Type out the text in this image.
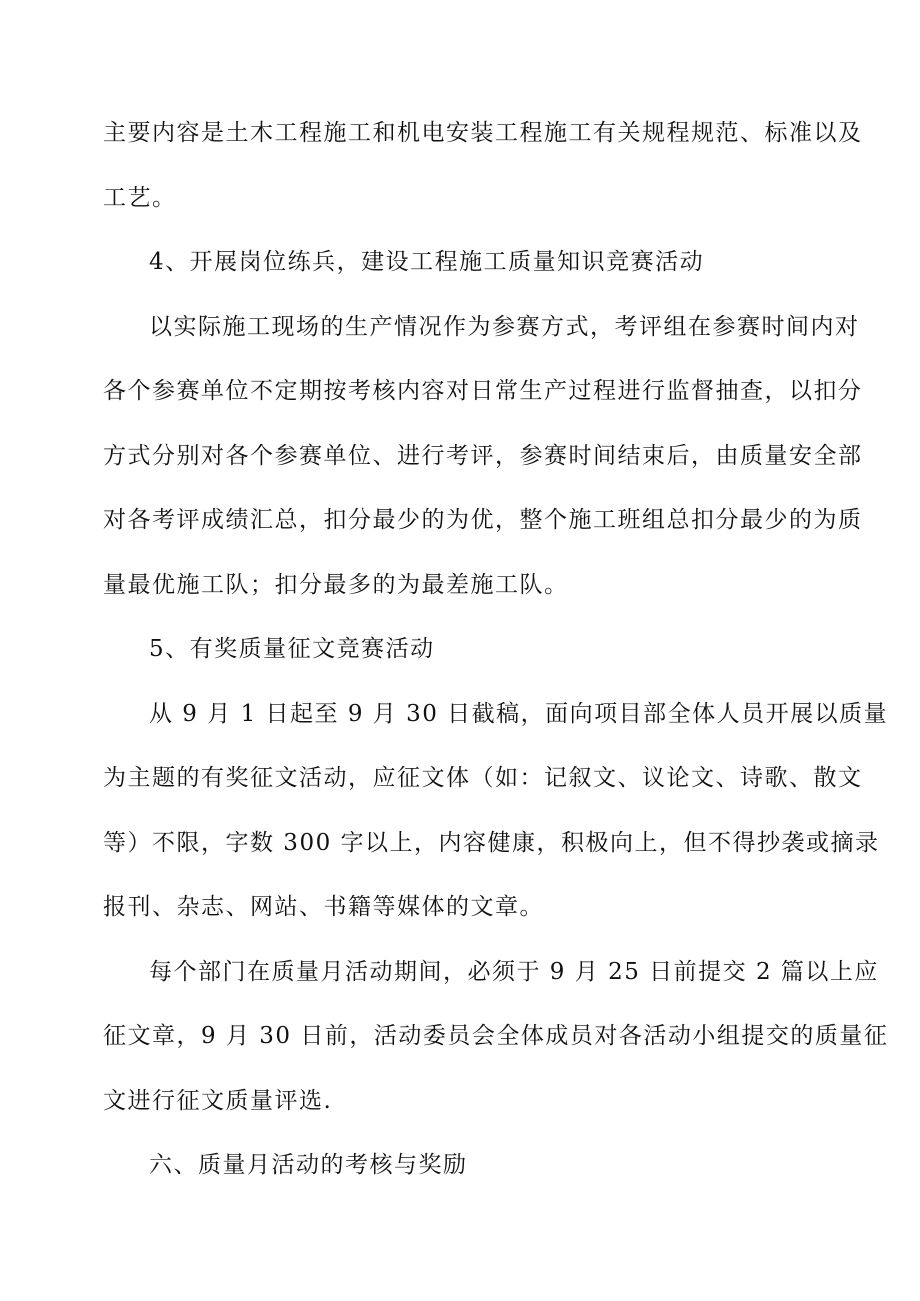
主要内容是土木工程施工和机电安装工程施工有关规程规范、标准以及
工艺。
4、开展岗位练兵，建设工程施工质量知识竞赛活动
以实际施工现场的生产情况作为参赛方式，考评组在参赛时间内对
各个参赛单位不定期按考核内容对日常生产过程进行监督抽查，以扣分
方式分别对各个参赛单位、进行考评，参赛时间结束后，由质量安全部
对各考评成绩汇总，扣分最少的为优，整个施工班组总扣分最少的为质
量最优施工队；扣分最多的为最差施工队。
5、有奖质量征文竞赛活动
从 9 月 1 日起至 9 月 30 日截稿，面向项目部全体人员开展以质量
为主题的有奖征文活动，应征文体（如：记叙文、议论文、诗歌、散文
等）不限，字数 300 字以上，内容健康，积极向上，但不得抄袭或摘录
报刊、杂志、网站、书籍等媒体的文章。
每个部门在质量月活动期间，必须于 9 月 25 日前提交 2 篇以上应
征文章，9 月 30 日前，活动委员会全体成员对各活动小组提交的质量征
文进行征文质量评选.
六、质量月活动的考核与奖励
